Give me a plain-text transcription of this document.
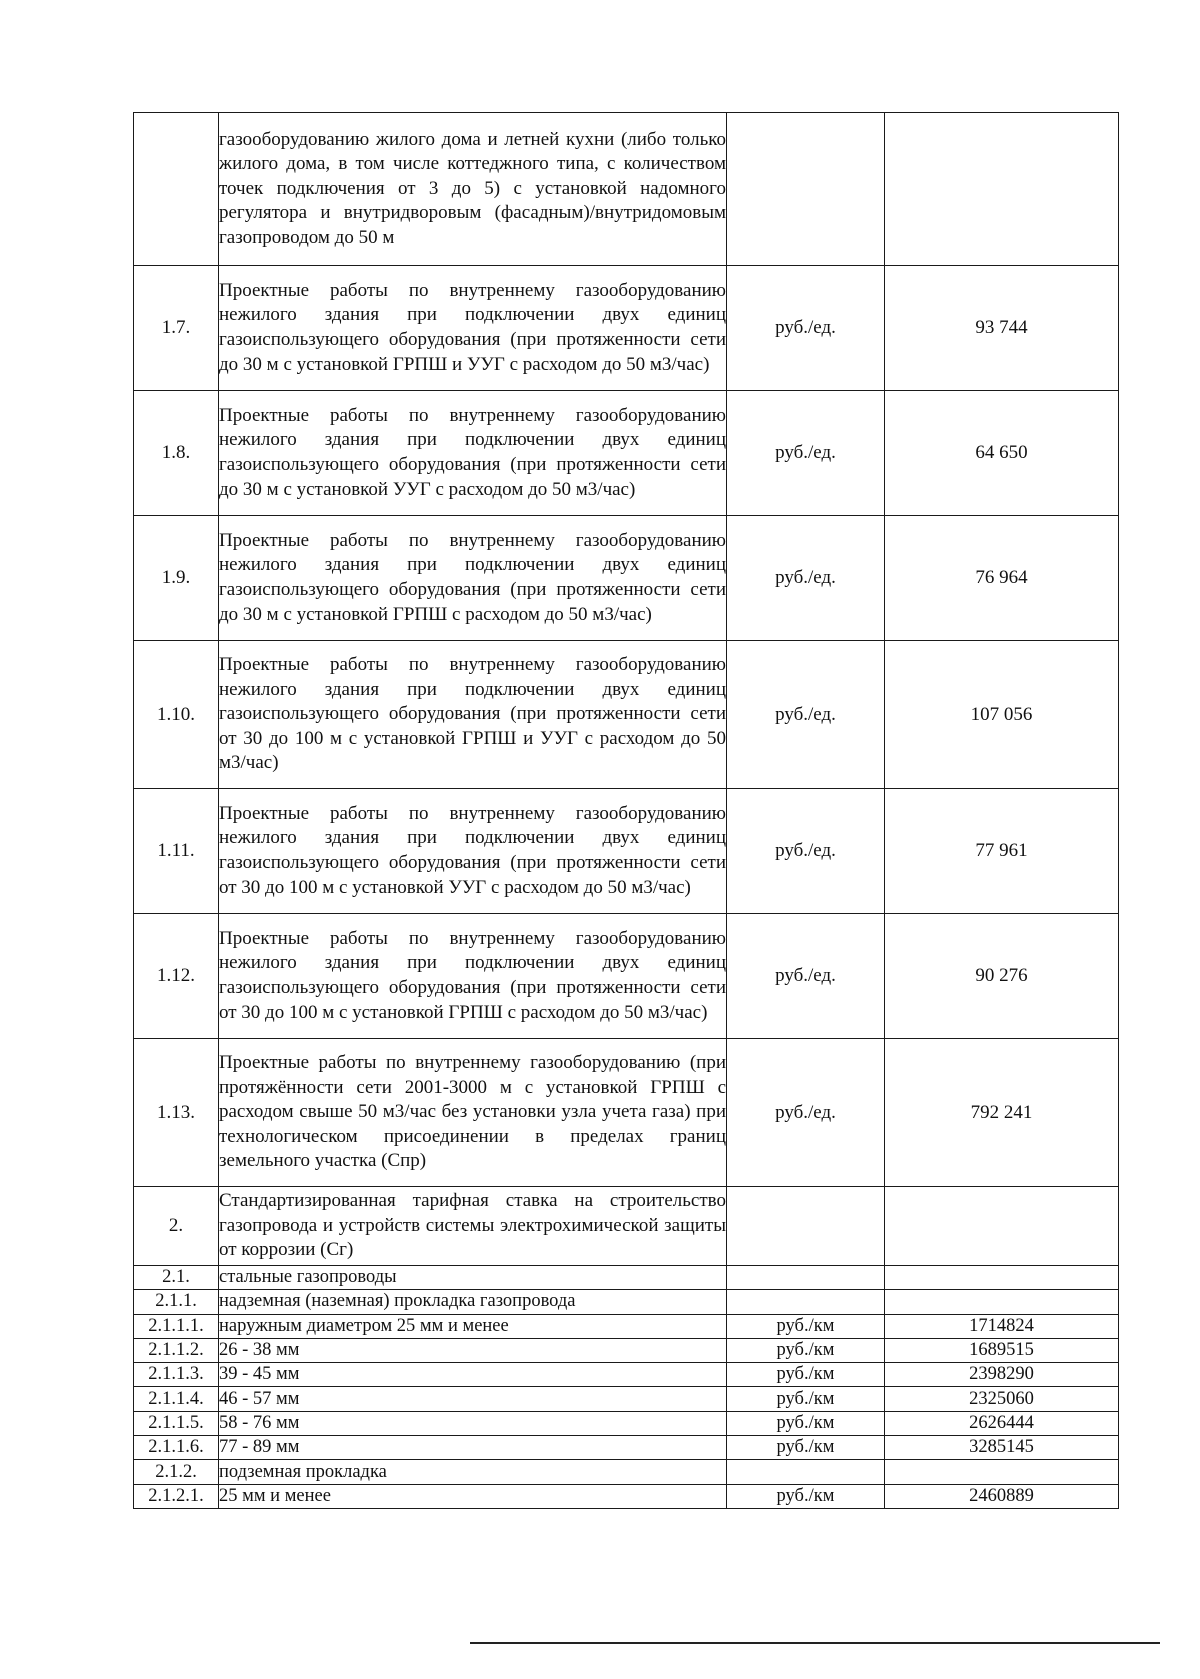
	газооборудованию жилого дома и летней кухни (либо только жилого дома, в том числе коттеджного типа, с количеством точек подключения от 3 до 5) с установкой надомного регулятора и внутридворовым (фасадным)/внутридомовым газопроводом до 50 м		
1.7.	Проектные работы по внутреннему газооборудованию нежилого здания при подключении двух единиц газоиспользующего оборудования (при протяженности сети до 30 м с установкой ГРПШ и УУГ с расходом до 50 м3/час)	руб./ед.	93 744
1.8.	Проектные работы по внутреннему газооборудованию нежилого здания при подключении двух единиц газоиспользующего оборудования (при протяженности сети до 30 м с установкой УУГ с расходом до 50 м3/час)	руб./ед.	64 650
1.9.	Проектные работы по внутреннему газооборудованию нежилого здания при подключении двух единиц газоиспользующего оборудования (при протяженности сети до 30 м с установкой ГРПШ с расходом до 50 м3/час)	руб./ед.	76 964
1.10.	Проектные работы по внутреннему газооборудованию нежилого здания при подключении двух единиц газоиспользующего оборудования (при протяженности сети от 30 до 100 м с установкой ГРПШ и УУГ с расходом до 50 м3/час)	руб./ед.	107 056
1.11.	Проектные работы по внутреннему газооборудованию нежилого здания при подключении двух единиц газоиспользующего оборудования (при протяженности сети от 30 до 100 м с установкой УУГ с расходом до 50 м3/час)	руб./ед.	77 961
1.12.	Проектные работы по внутреннему газооборудованию нежилого здания при подключении двух единиц газоиспользующего оборудования (при протяженности сети от 30 до 100 м с установкой ГРПШ с расходом до 50 м3/час)	руб./ед.	90 276
1.13.	Проектные работы по внутреннему газооборудованию (при протяжённости сети 2001-3000 м с установкой ГРПШ с расходом свыше 50 м3/час без установки узла учета газа) при технологическом присоединении в пределах границ земельного участка (Спр)	руб./ед.	792 241
2.	Стандартизированная тарифная ставка на строительство газопровода и устройств системы электрохимической защиты от коррозии (Сг)		
2.1.	стальные газопроводы		
2.1.1.	надземная (наземная) прокладка газопровода		
2.1.1.1.	наружным диаметром 25 мм и менее	руб./км	1714824
2.1.1.2.	26 - 38 мм	руб./км	1689515
2.1.1.3.	39 - 45 мм	руб./км	2398290
2.1.1.4.	46 - 57 мм	руб./км	2325060
2.1.1.5.	58 - 76 мм	руб./км	2626444
2.1.1.6.	77 - 89 мм	руб./км	3285145
2.1.2.	подземная прокладка		
2.1.2.1.	25 мм и менее	руб./км	2460889
